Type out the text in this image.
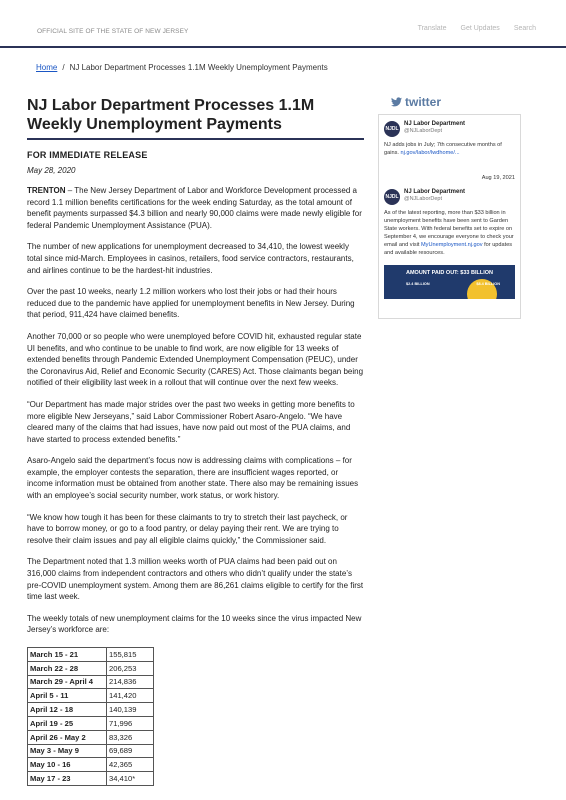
OFFICIAL SITE OF THE STATE OF NEW JERSEY	Translate Get Updates Search
Home / NJ Labor Department Processes 1.1M Weekly Unemployment Payments
NJ Labor Department Processes 1.1M Weekly Unemployment Payments
FOR IMMEDIATE RELEASE
May 28, 2020

TRENTON – The New Jersey Department of Labor and Workforce Development processed a record 1.1 million benefits certifications for the week ending Saturday, as the total amount of benefit payments surpassed $4.3 billion and nearly 90,000 claims were made newly eligible for federal Pandemic Unemployment Assistance (PUA).

The number of new applications for unemployment decreased to 34,410, the lowest weekly total since mid-March. Employees in casinos, retailers, food service contractors, restaurants, and airlines continue to be the hardest-hit industries.

Over the past 10 weeks, nearly 1.2 million workers who lost their jobs or had their hours reduced due to the pandemic have applied for unemployment benefits in New Jersey. During that period, 911,424 have claimed benefits.

Another 70,000 or so people who were unemployed before COVID hit, exhausted regular state UI benefits, and who continue to be unable to find work, are now eligible for 13 weeks of extended benefits through Pandemic Extended Unemployment Compensation (PEUC), under the Coronavirus Aid, Relief and Economic Security (CARES) Act. Those claimants began being notified of their eligibility last week in a rollout that will continue over the next few weeks.

“Our Department has made major strides over the past two weeks in getting more benefits to more eligible New Jerseyans,” said Labor Commissioner Robert Asaro-Angelo. “We have cleared many of the claims that had issues, have now paid out most of the PUA claims, and have started to process extended benefits.”

Asaro-Angelo said the department’s focus now is addressing claims with complications – for example, the employer contests the separation, there are insufficient wages reported, or income information must be obtained from another state. There also may be remaining issues with an employee’s social security number, work status, or work history.

“We know how tough it has been for these claimants to try to stretch their last paycheck, or have to borrow money, or go to a food pantry, or delay paying their rent. We are trying to resolve their claim issues and pay all eligible claims quickly,” the Commissioner said.

The Department noted that 1.3 million weeks worth of PUA claims had been paid out on 316,000 claims from independent contractors and others who didn’t qualify under the state’s pre-COVID unemployment system. Among them are 86,261 claims eligible to certify for the first time last week.

The weekly totals of new unemployment claims for the 10 weeks since the virus impacted New Jersey’s workforce are:

March 15 - 21	155,815
March 22 - 28	206,253
March 29 - April 4	214,836
April 5 - 11	141,420
April 12 - 18	140,139
April 19 - 25	71,996
April 26 - May 2	83,326
May 3 - May 9	69,689
May 10 - 16	42,365
May 17 - 23	34,410*
twitter
NJDL
NJ Labor Department
@NJLaborDept
NJ adds jobs in July; 7th consecutive months of gains. nj.gov/labor/lwdhome/...
Aug 19, 2021
NJDL
NJ Labor Department
@NJLaborDept
As of the latest reporting, more than $33 billion in unemployment benefits have been sent to Garden State workers. With federal benefits set to expire on September 4, we encourage everyone to check your email and visit MyUnemployment.nj.gov for updates and available resources.
AMOUNT PAID OUT: $33 BILLION
$2.4 BILLION	$8.4 BILLION
